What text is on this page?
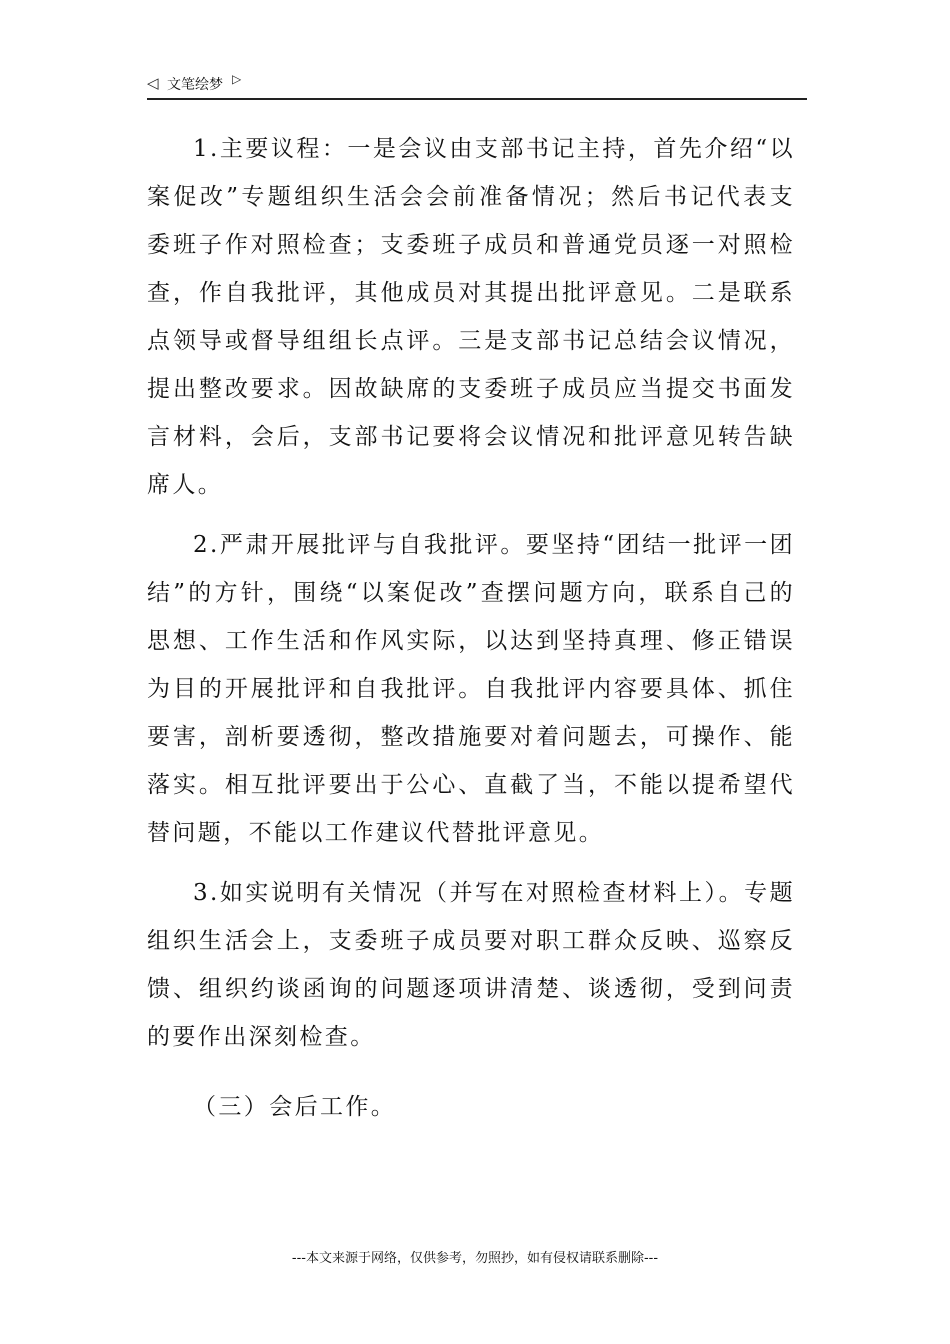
◁ 文笔绘梦 ▷

1.主要议程：一是会议由支部书记主持，首先介绍“以案促改”专题组织生活会会前准备情况；然后书记代表支委班子作对照检查；支委班子成员和普通党员逐一对照检查，作自我批评，其他成员对其提出批评意见。二是联系点领导或督导组组长点评。三是支部书记总结会议情况，提出整改要求。因故缺席的支委班子成员应当提交书面发言材料，会后，支部书记要将会议情况和批评意见转告缺席人。

2.严肃开展批评与自我批评。要坚持“团结一批评一团结”的方针，围绕“以案促改”查摆问题方向，联系自己的思想、工作生活和作风实际，以达到坚持真理、修正错误为目的开展批评和自我批评。自我批评内容要具体、抓住要害，剖析要透彻，整改措施要对着问题去，可操作、能落实。相互批评要出于公心、直截了当，不能以提希望代替问题，不能以工作建议代替批评意见。

3.如实说明有关情况（并写在对照检查材料上）。专题组织生活会上，支委班子成员要对职工群众反映、巡察反馈、组织约谈函询的问题逐项讲清楚、谈透彻，受到问责的要作出深刻检查。

（三）会后工作。

---本文来源于网络，仅供参考，勿照抄，如有侵权请联系删除---
